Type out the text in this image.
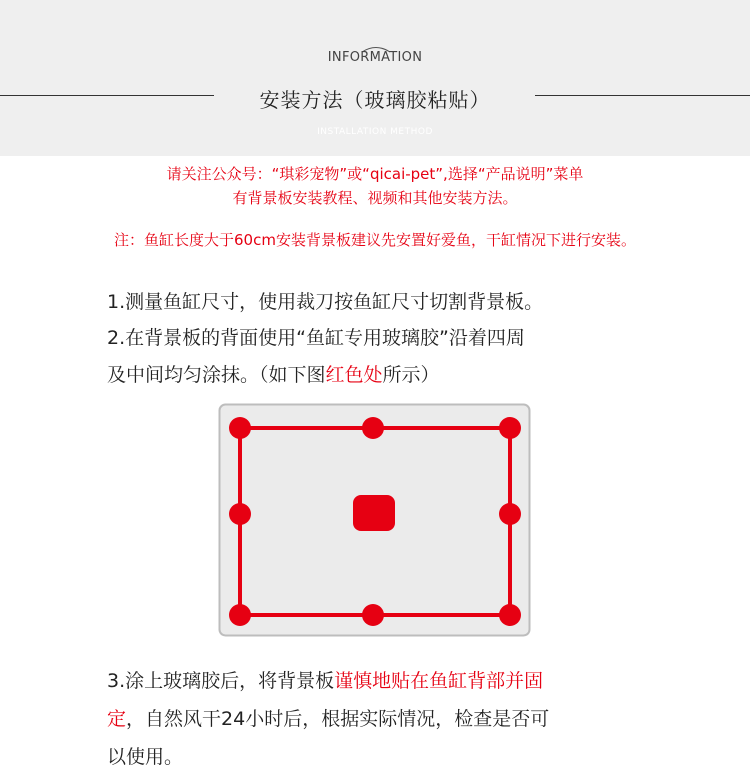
INFORMATION
安装方法（玻璃胶粘贴）
INSTALLATION METHOD
请关注公众号：“琪彩宠物”或“qicai-pet”,选择“产品说明”菜单
有背景板安装教程、视频和其他安装方法。
注：鱼缸长度大于60cm安装背景板建议先安置好爱鱼，干缸情况下进行安装。
1.测量鱼缸尺寸，使用裁刀按鱼缸尺寸切割背景板。
2.在背景板的背面使用“鱼缸专用玻璃胶”沿着四周
及中间均匀涂抹。（如下图红色处所示）
3.涂上玻璃胶后，将背景板谨慎地贴在鱼缸背部并固
定，自然风干24小时后，根据实际情况，检查是否可
以使用。
